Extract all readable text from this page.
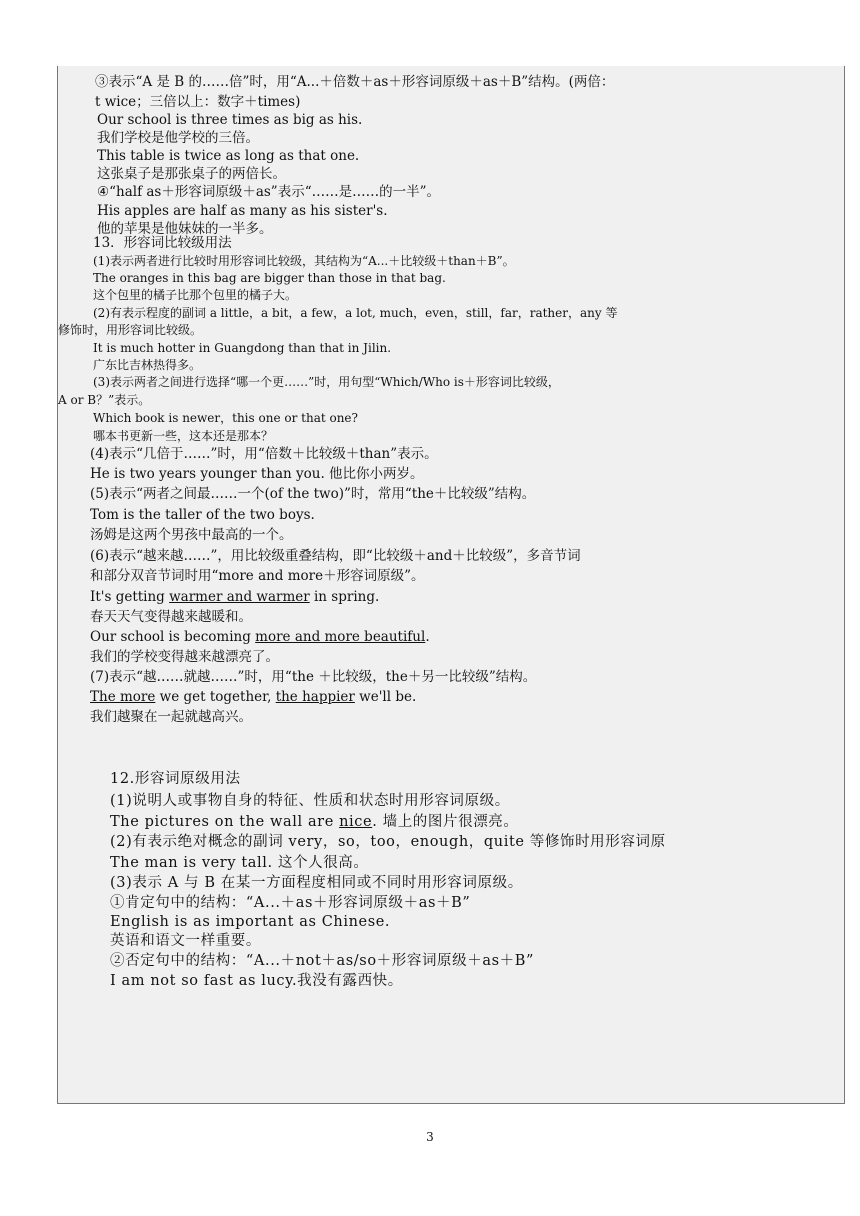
③表示“A 是 B 的……倍”时，用“A...＋倍数＋as＋形容词原级＋as＋B”结构。(两倍：
t wice；三倍以上：数字＋times)
Our school is three times as big as his.
我们学校是他学校的三倍。
This table is twice as long as that one.
这张桌子是那张桌子的两倍长。
④“half as＋形容词原级＋as”表示“……是……的一半”。
His apples are half as many as his sister's.
他的苹果是他妹妹的一半多。
13．形容词比较级用法
(1)表示两者进行比较时用形容词比较级，其结构为“A...＋比较级＋than＋B”。
The oranges in this bag are bigger than those in that bag.
这个包里的橘子比那个包里的橘子大。
(2)有表示程度的副词 a little，a bit，a few，a lot, much，even，still，far，rather，any 等
修饰时，用形容词比较级。
It is much hotter in Guangdong than that in Jilin.
广东比吉林热得多。
(3)表示两者之间进行选择“哪一个更……”时，用句型“Which/Who is＋形容词比较级，
A or B？”表示。
Which book is newer，this one or that one?
哪本书更新一些，这本还是那本？
(4)表示“几倍于……”时，用“倍数＋比较级＋than”表示。
He is two years younger than you. 他比你小两岁。
(5)表示“两者之间最……一个(of the two)”时，常用“the＋比较级”结构。
Tom is the taller of the two boys.
汤姆是这两个男孩中最高的一个。
(6)表示“越来越……”，用比较级重叠结构，即“比较级＋and＋比较级”，多音节词
和部分双音节词时用“more and more＋形容词原级”。
It's getting warmer and warmer in spring.
春天天气变得越来越暖和。
Our school is becoming more and more beautiful.
我们的学校变得越来越漂亮了。
(7)表示“越……就越……”时，用“the ＋比较级，the＋另一比较级”结构。
The more we get together, the happier we'll be.
我们越聚在一起就越高兴。
12.形容词原级用法
(1)说明人或事物自身的特征、性质和状态时用形容词原级。
The pictures on the wall are nice. 墙上的图片很漂亮。
(2)有表示绝对概念的副词 very，so，too，enough，quite 等修饰时用形容词原
The man is very tall. 这个人很高。
(3)表示 A 与 B 在某一方面程度相同或不同时用形容词原级。
①肯定句中的结构：“A...＋as＋形容词原级＋as＋B”
English is as important as Chinese.
英语和语文一样重要。
②否定句中的结构：“A...＋not＋as/so＋形容词原级＋as＋B”
I am not so fast as lucy.我没有露西快。
3
